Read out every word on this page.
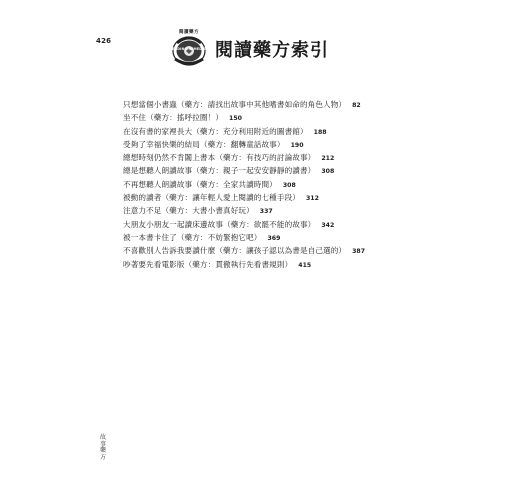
426
閱讀藥方
READING REMEDIES 閱讀藥方索引
只想當個小書蟲（藥方：請找出故事中其他嗜書如命的角色人物） 82
坐不住（藥方：搖呼拉圈！） 150
在沒有書的家裡長大（藥方：充分利用附近的圖書館） 188
受夠了幸福快樂的結局（藥方：翻轉童話故事） 190
總想時刻仍然不肯闔上書本（藥方：有技巧的討論故事） 212
總是想聽人朗讀故事（藥方：親子一起安安靜靜的讀書） 308
不再想聽人朗讀故事（藥方：全家共讀時間） 308
被動的讀者（藥方：讓年輕人愛上閱讀的七種手段） 312
注意力不足（藥方：大書小書真好玩） 337
大朋友小朋友一起讀床邊故事（藥方：欲罷不能的故事） 342
被一本書卡住了（藥方：不妨緊抱它吧） 369
不喜歡別人告訴我要讀什麼（藥方：讓孩子認以為書是自己選的） 387
吵著要先看電影版（藥方：貫徹執行先看書規則） 415
故事藥方
